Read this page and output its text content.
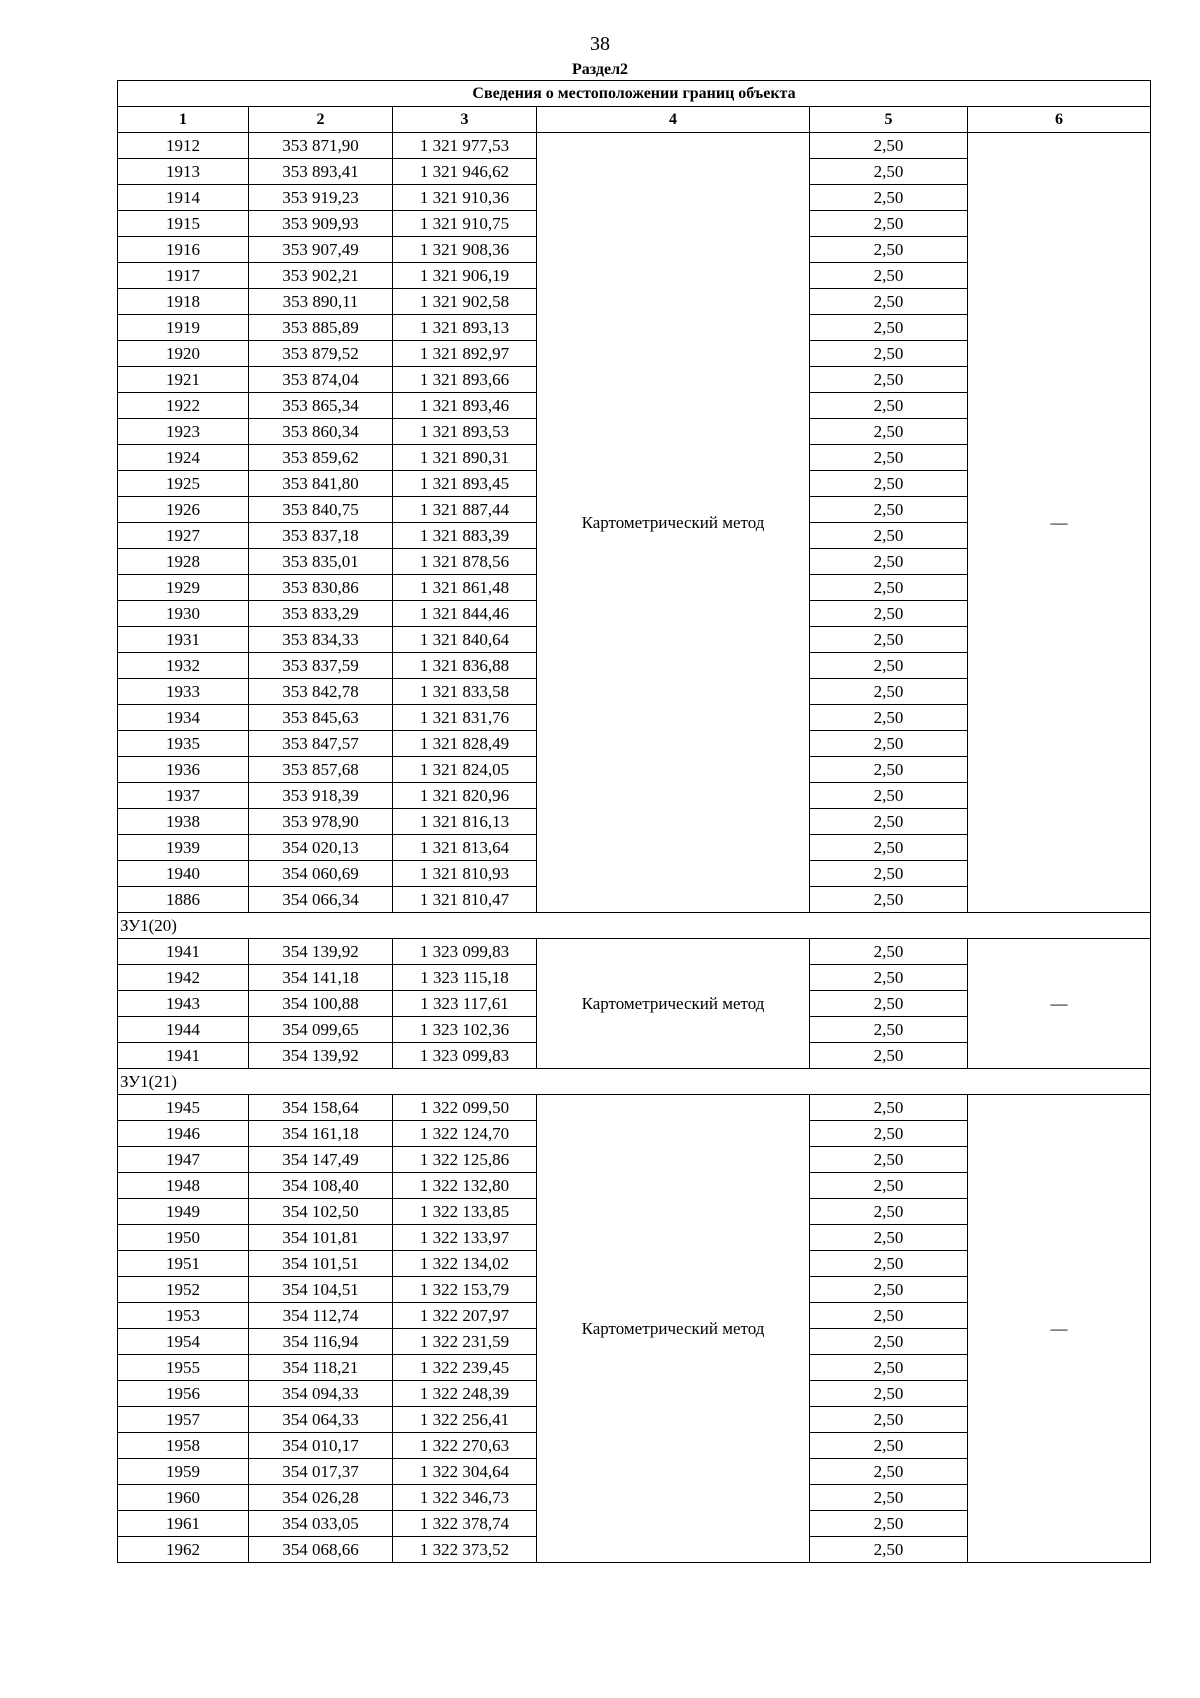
38
Раздел2
Сведения о местоположении границ объекта					
1	2	3	4	5	6
1912	353 871,90	1 321 977,53	Картометрический метод	2,50	—
1913	353 893,41	1 321 946,62		2,50	
1914	353 919,23	1 321 910,36		2,50	
1915	353 909,93	1 321 910,75		2,50	
1916	353 907,49	1 321 908,36		2,50	
1917	353 902,21	1 321 906,19		2,50	
1918	353 890,11	1 321 902,58		2,50	
1919	353 885,89	1 321 893,13		2,50	
1920	353 879,52	1 321 892,97		2,50	
1921	353 874,04	1 321 893,66		2,50	
1922	353 865,34	1 321 893,46		2,50	
1923	353 860,34	1 321 893,53		2,50	
1924	353 859,62	1 321 890,31		2,50	
1925	353 841,80	1 321 893,45		2,50	
1926	353 840,75	1 321 887,44		2,50	
1927	353 837,18	1 321 883,39		2,50	
1928	353 835,01	1 321 878,56		2,50	
1929	353 830,86	1 321 861,48		2,50	
1930	353 833,29	1 321 844,46		2,50	
1931	353 834,33	1 321 840,64		2,50	
1932	353 837,59	1 321 836,88		2,50	
1933	353 842,78	1 321 833,58		2,50	
1934	353 845,63	1 321 831,76		2,50	
1935	353 847,57	1 321 828,49		2,50	
1936	353 857,68	1 321 824,05		2,50	
1937	353 918,39	1 321 820,96		2,50	
1938	353 978,90	1 321 816,13		2,50	
1939	354 020,13	1 321 813,64		2,50	
1940	354 060,69	1 321 810,93		2,50	
1886	354 066,34	1 321 810,47		2,50	
ЗУ1(20)					
1941	354 139,92	1 323 099,83	Картометрический метод	2,50	—
1942	354 141,18	1 323 115,18		2,50	
1943	354 100,88	1 323 117,61		2,50	
1944	354 099,65	1 323 102,36		2,50	
1941	354 139,92	1 323 099,83		2,50	
ЗУ1(21)					
1945	354 158,64	1 322 099,50	Картометрический метод	2,50	—
1946	354 161,18	1 322 124,70		2,50	
1947	354 147,49	1 322 125,86		2,50	
1948	354 108,40	1 322 132,80		2,50	
1949	354 102,50	1 322 133,85		2,50	
1950	354 101,81	1 322 133,97		2,50	
1951	354 101,51	1 322 134,02		2,50	
1952	354 104,51	1 322 153,79		2,50	
1953	354 112,74	1 322 207,97		2,50	
1954	354 116,94	1 322 231,59		2,50	
1955	354 118,21	1 322 239,45		2,50	
1956	354 094,33	1 322 248,39		2,50	
1957	354 064,33	1 322 256,41		2,50	
1958	354 010,17	1 322 270,63		2,50	
1959	354 017,37	1 322 304,64		2,50	
1960	354 026,28	1 322 346,73		2,50	
1961	354 033,05	1 322 378,74		2,50	
1962	354 068,66	1 322 373,52		2,50	
